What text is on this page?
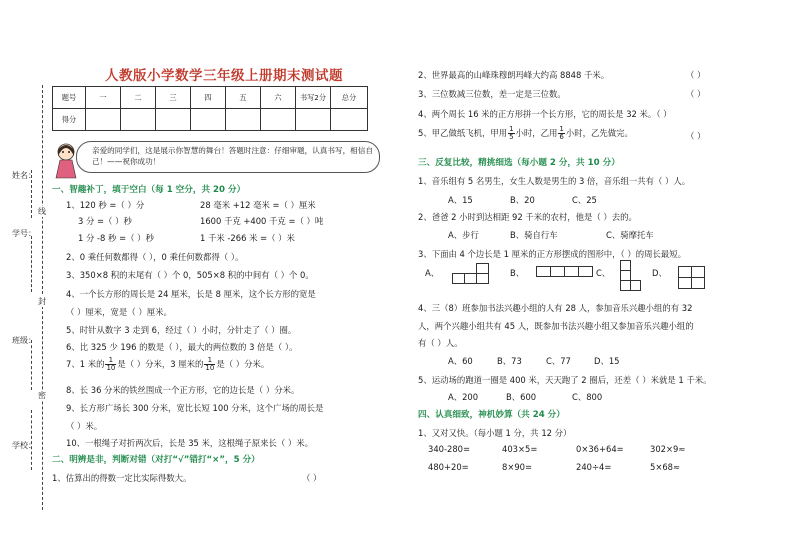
姓名：
学号：
班级：
学校：
线
封
密
人教版小学数学三年级上册期末测试题
题号	一	二	三	四	五	六	书写2分	总分
得分								
亲爱的同学们，这是展示你智慧的舞台！答题时注意：仔细审题，认真书写，相信自己！——祝你成功！
一、智趣补丁，填于空白（每 1 空分，共 20 分）
1、120 秒 =（ ）分	28 毫米 +12 毫米 =（ ）厘米
3 分 =（ ）秒	1600 千克 +400 千克 =（ ）吨
1 分 -8 秒 =（ ）秒	1 千米 -266 米 =（ ）米
2、0 乘任何数都得（ ），0 乘任何数都得（ ）。
3、350×8 积的末尾有（ ）个 0，505×8 积的中间有（ ）个 0。
4、一个长方形的周长是 24 厘米，长是 8 厘米，这个长方形的宽是
（ ）厘米，宽是（ ）厘米。
5、时针从数字 3 走到 6，经过（ ）小时，分针走了（ ）圈。
6、比 325 少 196 的数是（ ），最大的两位数的 3 倍是（ ）。
7、1 米的 $\frac{1}{10}$ 是（ ）分米，3 厘米的 $\frac{1}{10}$ 是（ ）分米。
8、长 36 分米的铁丝围成一个正方形，它的边长是（ ）分米。
9、长方形广场长 300 分米，宽比长短 100 分米，这个广场的周长是
（ ）米。
10、一根绳子对折两次后，长是 35 米，这根绳子原来长（ ）米。
二、明辨是非，判断对错（对打“√”错打“×”，5 分）
1、估算出的得数一定比实际得数大。	（ ）
2、世界最高的山峰珠穆朗玛峰大约高 8848 千米。	（ ）
3、三位数减三位数，差一定是三位数。	（ ）
4、两个周长 16 米的正方形拼一个长方形，它的周长是 32 米。（ ）
5、甲乙做纸飞机，甲用 $\frac{1}{5}$ 小时，乙用 $\frac{1}{6}$ 小时，乙先做完。	（ ）
三、反复比较，精挑细选（每小题 2 分，共 10 分）
1、音乐组有 5 名男生，女生人数是男生的 3 倍，音乐组一共有（ ）人。
A、15	B、20	C、25
2、爸爸 2 小时到达相距 92 千米的农村，他是（ ）去的。
A、步行	B、骑自行车	C、骑摩托车
3、下面由 4 个边长是 1 厘米的正方形摆成的图形中，（ ）的周长最短。
A、	B、	C、	D、
4、三（8）班参加书法兴趣小组的人有 28 人，参加音乐兴趣小组的有 32
人，两个兴趣小组共有 45 人，既参加书法兴趣小组又参加音乐兴趣小组的
有（ ）人。
A、60	B、73	C、77	D、15
5、运动场的跑道一圈是 400 米，天天跑了 2 圈后，还差（ ）米就是 1 千米。
A、200	B、600	C、800
四、认真细致，神机妙算（共 24 分）
1、又对又快。（每小题 1 分，共 12 分）
340-280=	403×5=	0×36+64=	302×9≈
480+20=	8×90=	240÷4=	5×68≈
